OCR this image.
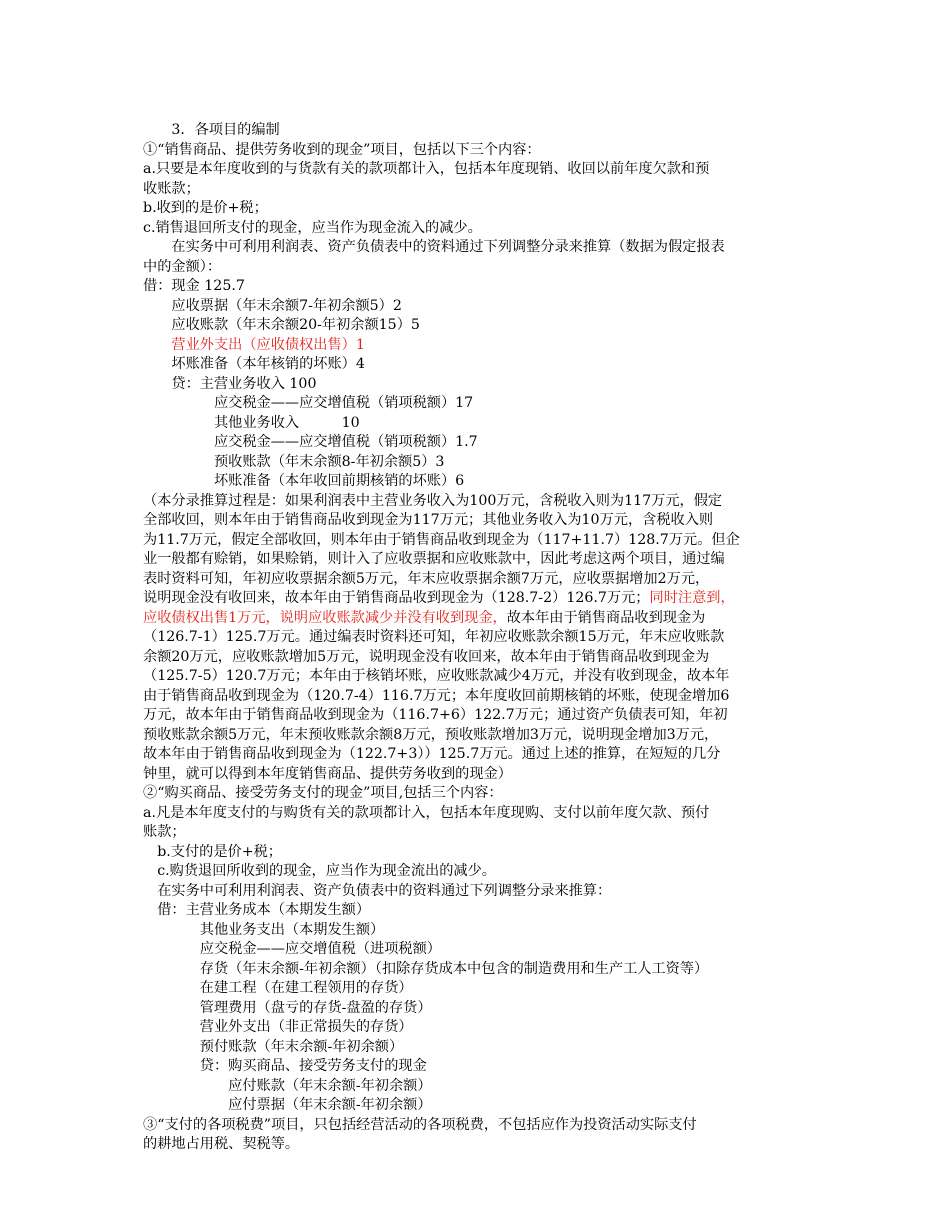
　　3．各项目的编制
①“销售商品、提供劳务收到的现金”项目，包括以下三个内容：
a.只要是本年度收到的与货款有关的款项都计入，包括本年度现销、收回以前年度欠款和预
收账款；
b.收到的是价+税；
c.销售退回所支付的现金，应当作为现金流入的减少。
　　在实务中可利用利润表、资产负债表中的资料通过下列调整分录来推算（数据为假定报表
中的金额）：
借：现金 125.7
　　应收票据（年末余额7-年初余额5）2
　　应收账款（年末余额20-年初余额15）5
　　营业外支出（应收债权出售）1
　　坏账准备（本年核销的坏账）4
　　贷：主营业务收入 100
　　　　　应交税金——应交增值税（销项税额）17
　　　　　其他业务收入　　　10
　　　　　应交税金——应交增值税（销项税额）1.7
　　　　　预收账款（年末余额8-年初余额5）3
　　　　　坏账准备（本年收回前期核销的坏账）6
（本分录推算过程是：如果利润表中主营业务收入为100万元，含税收入则为117万元，假定
全部收回，则本年由于销售商品收到现金为117万元；其他业务收入为10万元，含税收入则
为11.7万元，假定全部收回，则本年由于销售商品收到现金为（117+11.7）128.7万元。但企
业一般都有赊销，如果赊销，则计入了应收票据和应收账款中，因此考虑这两个项目，通过编
表时资料可知，年初应收票据余额5万元，年末应收票据余额7万元，应收票据增加2万元，
说明现金没有收回来，故本年由于销售商品收到现金为（128.7-2）126.7万元；同时注意到，
应收债权出售1万元，说明应收账款减少并没有收到现金，故本年由于销售商品收到现金为
（126.7-1）125.7万元。通过编表时资料还可知，年初应收账款余额15万元，年末应收账款
余额20万元，应收账款增加5万元，说明现金没有收回来，故本年由于销售商品收到现金为
（125.7-5）120.7万元；本年由于核销坏账，应收账款减少4万元，并没有收到现金，故本年
由于销售商品收到现金为（120.7-4）116.7万元；本年度收回前期核销的坏账，使现金增加6
万元，故本年由于销售商品收到现金为（116.7+6）122.7万元；通过资产负债表可知，年初
预收账款余额5万元，年末预收账款余额8万元，预收账款增加3万元，说明现金增加3万元，
故本年由于销售商品收到现金为（122.7+3））125.7万元。通过上述的推算，在短短的几分
钟里，就可以得到本年度销售商品、提供劳务收到的现金）
②“购买商品、接受劳务支付的现金”项目,包括三个内容：
a.凡是本年度支付的与购货有关的款项都计入，包括本年度现购、支付以前年度欠款、预付
账款；
　b.支付的是价+税；
　c.购货退回所收到的现金，应当作为现金流出的减少。
　在实务中可利用利润表、资产负债表中的资料通过下列调整分录来推算：
　借：主营业务成本（本期发生额）
　　　　其他业务支出（本期发生额）
　　　　应交税金——应交增值税（进项税额）
　　　　存货（年末余额-年初余额）（扣除存货成本中包含的制造费用和生产工人工资等）
　　　　在建工程（在建工程领用的存货）
　　　　管理费用（盘亏的存货-盘盈的存货）
　　　　营业外支出（非正常损失的存货）
　　　　预付账款（年末余额-年初余额）
　　　　贷：购买商品、接受劳务支付的现金
　　　　　　应付账款（年末余额-年初余额）
　　　　　　应付票据（年末余额-年初余额）
③“支付的各项税费”项目，只包括经营活动的各项税费，不包括应作为投资活动实际支付
的耕地占用税、契税等。
